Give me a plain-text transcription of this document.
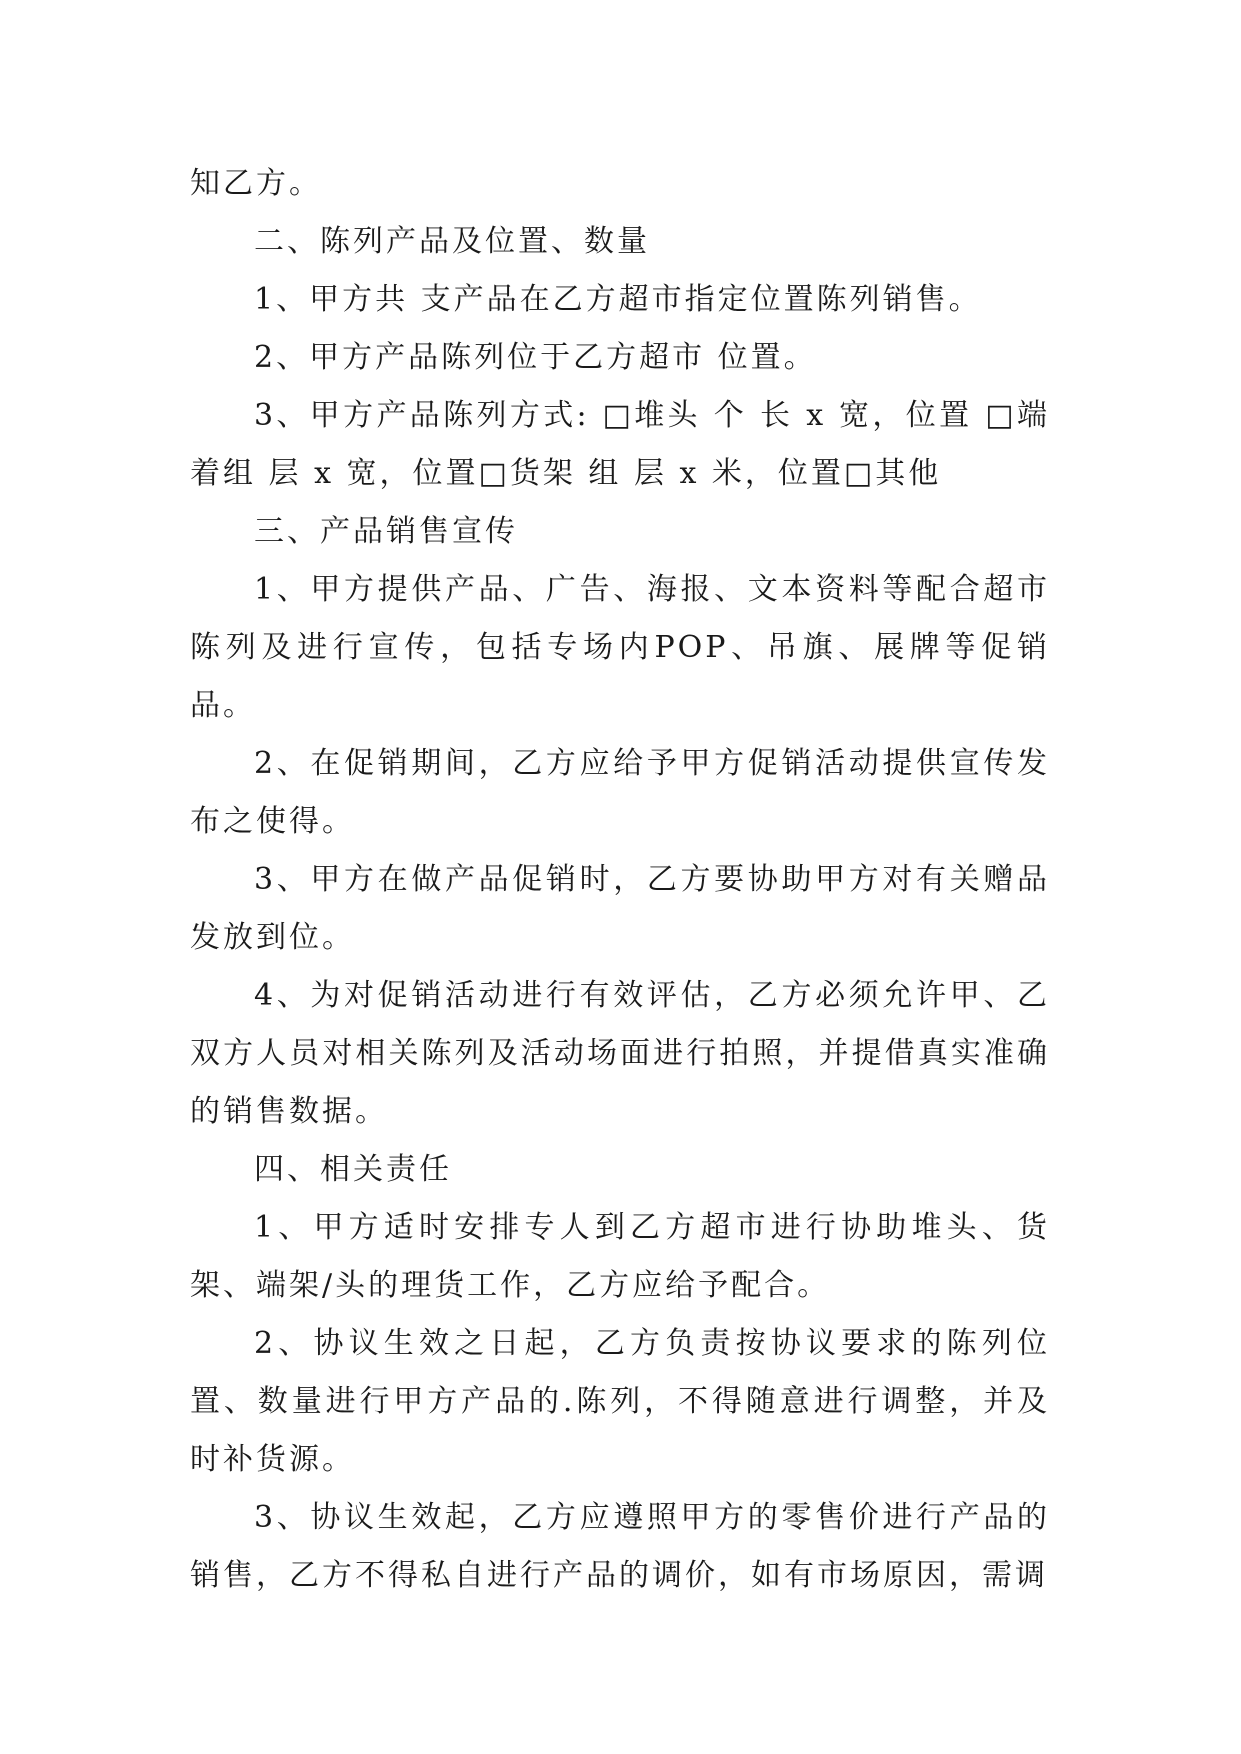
知乙方。

二、陈列产品及位置、数量

1、甲方共 支产品在乙方超市指定位置陈列销售。

2、甲方产品陈列位于乙方超市 位置。

3、甲方产品陈列方式: □堆头 个 长 x 宽，位置 □端着组 层 x 宽，位置□货架 组 层 x 米，位置□其他

三、产品销售宣传

1、甲方提供产品、广告、海报、文本资料等配合超市陈列及进行宣传，包括专场内POP、吊旗、展牌等促销品。

2、在促销期间，乙方应给予甲方促销活动提供宣传发布之使得。

3、甲方在做产品促销时，乙方要协助甲方对有关赠品发放到位。

4、为对促销活动进行有效评估，乙方必须允许甲、乙双方人员对相关陈列及活动场面进行拍照，并提借真实准确的销售数据。

四、相关责任

1、甲方适时安排专人到乙方超市进行协助堆头、货架、端架/头的理货工作，乙方应给予配合。

2、协议生效之日起，乙方负责按协议要求的陈列位置、数量进行甲方产品的.陈列，不得随意进行调整，并及时补货源。

3、协议生效起，乙方应遵照甲方的零售价进行产品的销售，乙方不得私自进行产品的调价，如有市场原因，需调
